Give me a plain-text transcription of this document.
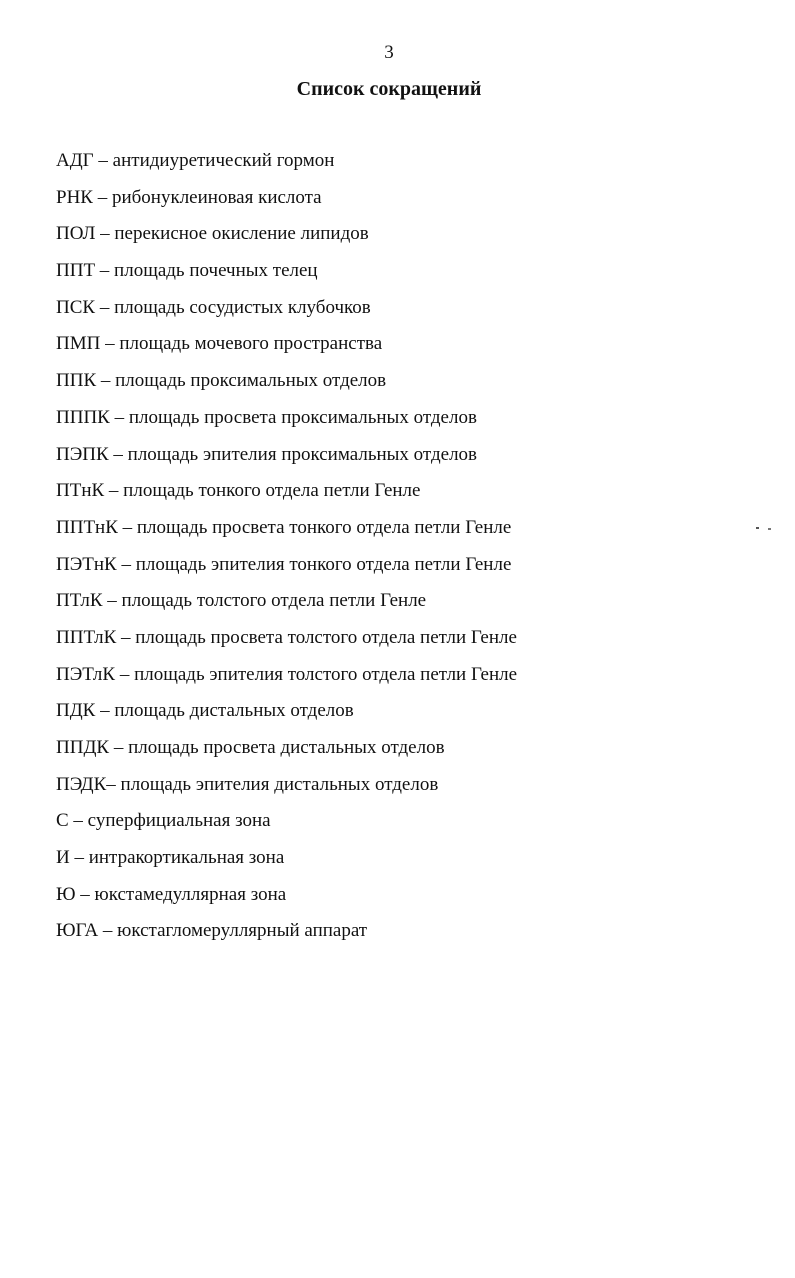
3
Список сокращений
АДГ – антидиуретический гормон
РНК – рибонуклеиновая кислота
ПОЛ – перекисное окисление липидов
ППТ – площадь почечных телец
ПСК – площадь сосудистых клубочков
ПМП – площадь мочевого пространства
ППК – площадь проксимальных отделов
ПППК – площадь просвета проксимальных отделов
ПЭПК – площадь эпителия проксимальных отделов
ПТнК – площадь тонкого отдела петли Генле
ППТнК – площадь просвета тонкого отдела петли Генле
ПЭТнК – площадь эпителия тонкого отдела петли Генле
ПТлК – площадь толстого отдела петли Генле
ППТлК – площадь просвета толстого отдела петли Генле
ПЭТлК – площадь эпителия толстого отдела петли Генле
ПДК – площадь дистальных отделов
ППДК – площадь просвета дистальных отделов
ПЭДК– площадь эпителия дистальных отделов
С – суперфициальная зона
И – интракортикальная зона
Ю – юкстамедуллярная зона
ЮГА – юкстагломеруллярный аппарат
